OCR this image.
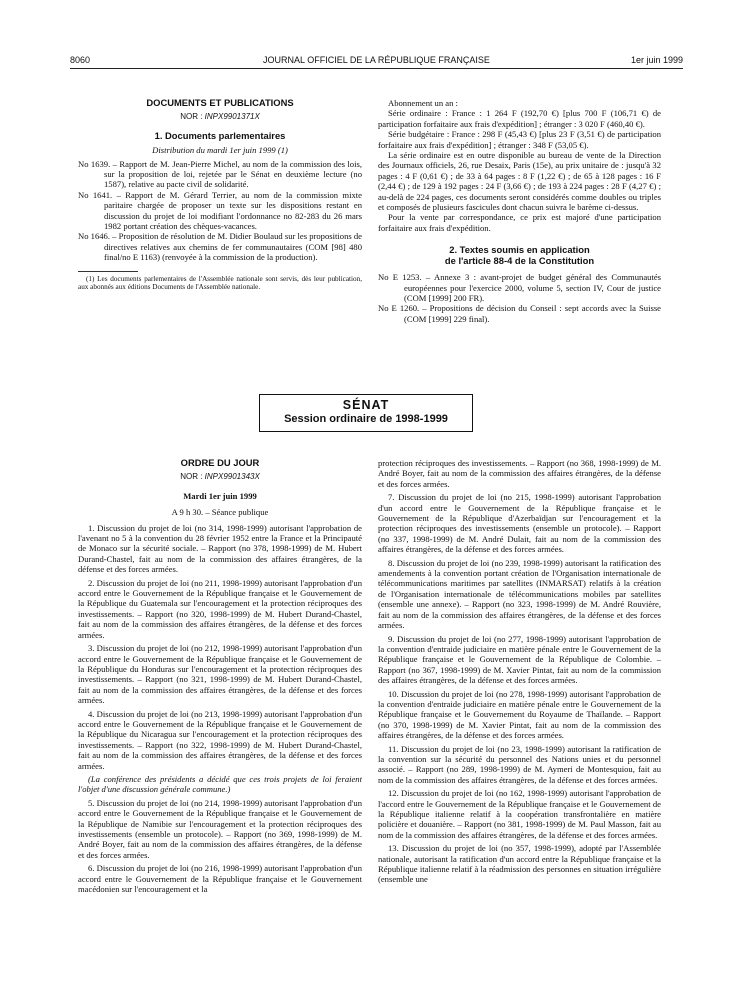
8060	JOURNAL OFFICIEL DE LA RÉPUBLIQUE FRANÇAISE	1er juin 1999

DOCUMENTS ET PUBLICATIONS

NOR : INPX9901371X

1. Documents parlementaires

Distribution du mardi 1er juin 1999 (1)

No 1639. – Rapport de M. Jean-Pierre Michel, au nom de la commission des lois, sur la proposition de loi, rejetée par le Sénat en deuxième lecture (no 1587), relative au pacte civil de solidarité.

No 1641. – Rapport de M. Gérard Terrier, au nom de la commission mixte paritaire chargée de proposer un texte sur les dispositions restant en discussion du projet de loi modifiant l'ordonnance no 82-283 du 26 mars 1982 portant création des chèques-vacances.

No 1646. – Proposition de résolution de M. Didier Boulaud sur les propositions de directives relatives aux chemins de fer communautaires (COM [98] 480 final/no E 1163) (renvoyée à la commission de la production).

(1) Les documents parlementaires de l'Assemblée nationale sont servis, dès leur publication, aux abonnés aux éditions Documents de l'Assemblée nationale.

Abonnement un an :

Série ordinaire : France : 1 264 F (192,70 €) [plus 700 F (106,71 €) de participation forfaitaire aux frais d'expédition] ; étranger : 3 020 F (460,40 €).

Série budgétaire : France : 298 F (45,43 €) [plus 23 F (3,51 €) de participation forfaitaire aux frais d'expédition] ; étranger : 348 F (53,05 €).

La série ordinaire est en outre disponible au bureau de vente de la Direction des Journaux officiels, 26, rue Desaix, Paris (15e), au prix unitaire de : jusqu'à 32 pages : 4 F (0,61 €) ; de 33 à 64 pages : 8 F (1,22 €) ; de 65 à 128 pages : 16 F (2,44 €) ; de 129 à 192 pages : 24 F (3,66 €) ; de 193 à 224 pages : 28 F (4,27 €) ; au-delà de 224 pages, ces documents seront considérés comme doubles ou triples et composés de plusieurs fascicules dont chacun suivra le barème ci-dessus.

Pour la vente par correspondance, ce prix est majoré d'une participation forfaitaire aux frais d'expédition.

2. Textes soumis en application
de l'article 88-4 de la Constitution

No E 1253. – Annexe 3 : avant-projet de budget général des Communautés européennes pour l'exercice 2000, volume 5, section IV, Cour de justice (COM [1999] 200 FR).

No E 1260. – Propositions de décision du Conseil : sept accords avec la Suisse (COM [1999] 229 final).

SÉNAT
Session ordinaire de 1998-1999

ORDRE DU JOUR

NOR : INPX9901343X

Mardi 1er juin 1999

A 9 h 30. – Séance publique

1. Discussion du projet de loi (no 314, 1998-1999) autorisant l'approbation de l'avenant no 5 à la convention du 28 février 1952 entre la France et la Principauté de Monaco sur la sécurité sociale. – Rapport (no 378, 1998-1999) de M. Hubert Durand-Chastel, fait au nom de la commission des affaires étrangères, de la défense et des forces armées.

2. Discussion du projet de loi (no 211, 1998-1999) autorisant l'approbation d'un accord entre le Gouvernement de la République française et le Gouvernement de la République du Guatemala sur l'encouragement et la protection réciproques des investissements. – Rapport (no 320, 1998-1999) de M. Hubert Durand-Chastel, fait au nom de la commission des affaires étrangères, de la défense et des forces armées.

3. Discussion du projet de loi (no 212, 1998-1999) autorisant l'approbation d'un accord entre le Gouvernement de la République française et le Gouvernement de la République du Honduras sur l'encouragement et la protection réciproques des investissements. – Rapport (no 321, 1998-1999) de M. Hubert Durand-Chastel, fait au nom de la commission des affaires étrangères, de la défense et des forces armées.

4. Discussion du projet de loi (no 213, 1998-1999) autorisant l'approbation d'un accord entre le Gouvernement de la République française et le Gouvernement de la République du Nicaragua sur l'encouragement et la protection réciproques des investissements. – Rapport (no 322, 1998-1999) de M. Hubert Durand-Chastel, fait au nom de la commission des affaires étrangères, de la défense et des forces armées.

(La conférence des présidents a décidé que ces trois projets de loi feraient l'objet d'une discussion générale commune.)

5. Discussion du projet de loi (no 214, 1998-1999) autorisant l'approbation d'un accord entre le Gouvernement de la République française et le Gouvernement de la République de Namibie sur l'encouragement et la protection réciproques des investissements (ensemble un protocole). – Rapport (no 369, 1998-1999) de M. André Boyer, fait au nom de la commission des affaires étrangères, de la défense et des forces armées.

6. Discussion du projet de loi (no 216, 1998-1999) autorisant l'approbation d'un accord entre le Gouvernement de la République française et le Gouvernement macédonien sur l'encouragement et la

protection réciproques des investissements. – Rapport (no 368, 1998-1999) de M. André Boyer, fait au nom de la commission des affaires étrangères, de la défense et des forces armées.

7. Discussion du projet de loi (no 215, 1998-1999) autorisant l'approbation d'un accord entre le Gouvernement de la République française et le Gouvernement de la République d'Azerbaïdjan sur l'encouragement et la protection réciproques des investissements (ensemble un protocole). – Rapport (no 337, 1998-1999) de M. André Dulait, fait au nom de la commission des affaires étrangères, de la défense et des forces armées.

8. Discussion du projet de loi (no 239, 1998-1999) autorisant la ratification des amendements à la convention portant création de l'Organisation internationale de télécommunications maritimes par satellites (INMARSAT) relatifs à la création de l'Organisation internationale de télécommunications mobiles par satellites (ensemble une annexe). – Rapport (no 323, 1998-1999) de M. André Rouvière, fait au nom de la commission des affaires étrangères, de la défense et des forces armées.

9. Discussion du projet de loi (no 277, 1998-1999) autorisant l'approbation de la convention d'entraide judiciaire en matière pénale entre le Gouvernement de la République française et le Gouvernement de la République de Colombie. – Rapport (no 367, 1998-1999) de M. Xavier Pintat, fait au nom de la commission des affaires étrangères, de la défense et des forces armées.

10. Discussion du projet de loi (no 278, 1998-1999) autorisant l'approbation de la convention d'entraide judiciaire en matière pénale entre le Gouvernement de la République française et le Gouvernement du Royaume de Thaïlande. – Rapport (no 370, 1998-1999) de M. Xavier Pintat, fait au nom de la commission des affaires étrangères, de la défense et des forces armées.

11. Discussion du projet de loi (no 23, 1998-1999) autorisant la ratification de la convention sur la sécurité du personnel des Nations unies et du personnel associé. – Rapport (no 289, 1998-1999) de M. Aymeri de Montesquiou, fait au nom de la commission des affaires étrangères, de la défense et des forces armées.

12. Discussion du projet de loi (no 162, 1998-1999) autorisant l'approbation de l'accord entre le Gouvernement de la République française et le Gouvernement de la République italienne relatif à la coopération transfrontalière en matière policière et douanière. – Rapport (no 381, 1998-1999) de M. Paul Masson, fait au nom de la commission des affaires étrangères, de la défense et des forces armées.

13. Discussion du projet de loi (no 357, 1998-1999), adopté par l'Assemblée nationale, autorisant la ratification d'un accord entre la République française et la République italienne relatif à la réadmission des personnes en situation irrégulière (ensemble une
